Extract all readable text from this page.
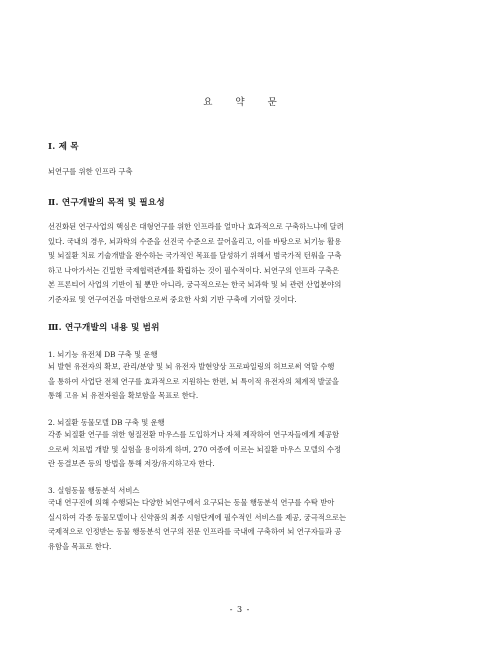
요 약 문
Ⅰ. 제 목
뇌연구를 위한 인프라 구축
Ⅱ. 연구개발의 목적 및 필요성
선진화된 연구사업의 핵심은 대형연구를 위한 인프라를 얼마나 효과적으로 구축하느냐에 달려
있다. 국내의 경우, 뇌과학의 수준을 선진국 수준으로 끌어올리고, 이를 바탕으로 뇌기능 활용
및 뇌질환 치료 기술개발을 완수하는 국가적인 목표를 달성하기 위해서 범국가적 턴워을 구축
하고 나아가서는 긴밀한 국제협력관계를 확립하는 것이 필수적이다. 뇌연구의 인프라 구축은
본 프론티어 사업의 기반이 될 뿐만 아니라, 궁극적으로는 한국 뇌과학 및 뇌 관련 산업분야의
기준자료 및 연구여건을 마련함으로써 중요한 사회 기반 구축에 기여할 것이다.
Ⅲ. 연구개발의 내용 및 범위
1. 뇌기능 유전체 DB 구축 및 운행
뇌 발현 유전자의 확보, 관리/분양 및 뇌 유전자 발현양상 프로파일링의 허브로써 역할 수행
을 통하여 사업단 전체 연구를 효과적으로 지원하는 한편, 뇌 특이적 유전자의 체계적 발굴을
통해 고유 뇌 유전자원을 확보함을 목표로 한다.
2. 뇌질환 동물모델 DB 구축 및 운행
각종 뇌질환 연구를 위한 형질전환 마우스를 도입하거나 자체 제작하여 연구자들에게 제공함
으로써 치료법 개발 및 실험을 용이하게 하며, 270 여종에 이르는 뇌질환 마우스 모델의 수정
란 동결보존 등의 방법을 통해 저장/유지하고자 한다.
3. 실험동물 행동분석 서비스
국내 연구진에 의해 수행되는 다양한 뇌연구에서 요구되는 동물 행동분석 연구를 수탁 받아
실시하여 각종 동물모델이나 신약품의 최종 시험단계에 필수적인 서비스를 제공, 궁극적으로는
국제적으로 인정받는 동물 행동분석 연구의 전문 인프라를 국내에 구축하여 뇌 연구자들과 공
유함을 목표로 한다.
- 3 -
